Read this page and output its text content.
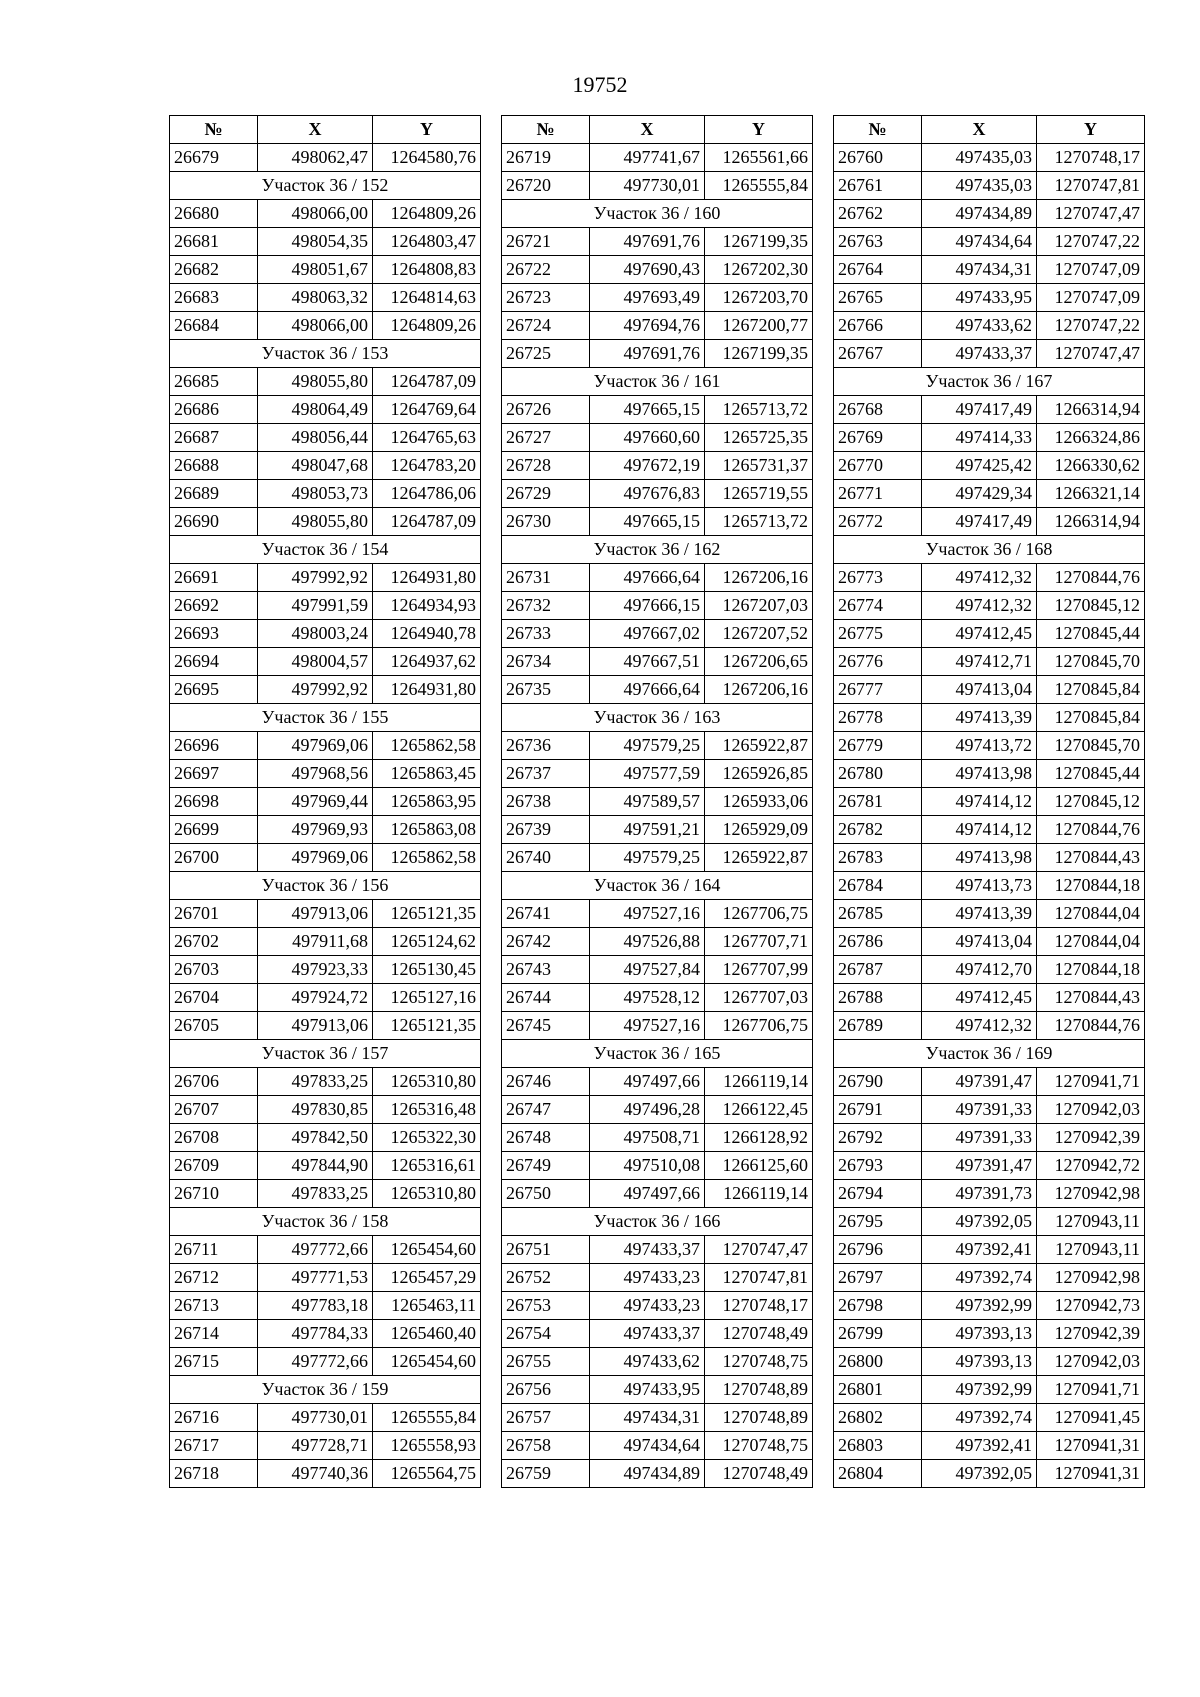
19752
№	X	Y
26679	498062,47	1264580,76
Участок 36 / 152		
26680	498066,00	1264809,26
26681	498054,35	1264803,47
26682	498051,67	1264808,83
26683	498063,32	1264814,63
26684	498066,00	1264809,26
Участок 36 / 153		
26685	498055,80	1264787,09
26686	498064,49	1264769,64
26687	498056,44	1264765,63
26688	498047,68	1264783,20
26689	498053,73	1264786,06
26690	498055,80	1264787,09
Участок 36 / 154		
26691	497992,92	1264931,80
26692	497991,59	1264934,93
26693	498003,24	1264940,78
26694	498004,57	1264937,62
26695	497992,92	1264931,80
Участок 36 / 155		
26696	497969,06	1265862,58
26697	497968,56	1265863,45
26698	497969,44	1265863,95
26699	497969,93	1265863,08
26700	497969,06	1265862,58
Участок 36 / 156		
26701	497913,06	1265121,35
26702	497911,68	1265124,62
26703	497923,33	1265130,45
26704	497924,72	1265127,16
26705	497913,06	1265121,35
Участок 36 / 157		
26706	497833,25	1265310,80
26707	497830,85	1265316,48
26708	497842,50	1265322,30
26709	497844,90	1265316,61
26710	497833,25	1265310,80
Участок 36 / 158		
26711	497772,66	1265454,60
26712	497771,53	1265457,29
26713	497783,18	1265463,11
26714	497784,33	1265460,40
26715	497772,66	1265454,60
Участок 36 / 159		
26716	497730,01	1265555,84
26717	497728,71	1265558,93
26718	497740,36	1265564,75
№	X	Y
26719	497741,67	1265561,66
26720	497730,01	1265555,84
Участок 36 / 160		
26721	497691,76	1267199,35
26722	497690,43	1267202,30
26723	497693,49	1267203,70
26724	497694,76	1267200,77
26725	497691,76	1267199,35
Участок 36 / 161		
26726	497665,15	1265713,72
26727	497660,60	1265725,35
26728	497672,19	1265731,37
26729	497676,83	1265719,55
26730	497665,15	1265713,72
Участок 36 / 162		
26731	497666,64	1267206,16
26732	497666,15	1267207,03
26733	497667,02	1267207,52
26734	497667,51	1267206,65
26735	497666,64	1267206,16
Участок 36 / 163		
26736	497579,25	1265922,87
26737	497577,59	1265926,85
26738	497589,57	1265933,06
26739	497591,21	1265929,09
26740	497579,25	1265922,87
Участок 36 / 164		
26741	497527,16	1267706,75
26742	497526,88	1267707,71
26743	497527,84	1267707,99
26744	497528,12	1267707,03
26745	497527,16	1267706,75
Участок 36 / 165		
26746	497497,66	1266119,14
26747	497496,28	1266122,45
26748	497508,71	1266128,92
26749	497510,08	1266125,60
26750	497497,66	1266119,14
Участок 36 / 166		
26751	497433,37	1270747,47
26752	497433,23	1270747,81
26753	497433,23	1270748,17
26754	497433,37	1270748,49
26755	497433,62	1270748,75
26756	497433,95	1270748,89
26757	497434,31	1270748,89
26758	497434,64	1270748,75
26759	497434,89	1270748,49
№	X	Y
26760	497435,03	1270748,17
26761	497435,03	1270747,81
26762	497434,89	1270747,47
26763	497434,64	1270747,22
26764	497434,31	1270747,09
26765	497433,95	1270747,09
26766	497433,62	1270747,22
26767	497433,37	1270747,47
Участок 36 / 167		
26768	497417,49	1266314,94
26769	497414,33	1266324,86
26770	497425,42	1266330,62
26771	497429,34	1266321,14
26772	497417,49	1266314,94
Участок 36 / 168		
26773	497412,32	1270844,76
26774	497412,32	1270845,12
26775	497412,45	1270845,44
26776	497412,71	1270845,70
26777	497413,04	1270845,84
26778	497413,39	1270845,84
26779	497413,72	1270845,70
26780	497413,98	1270845,44
26781	497414,12	1270845,12
26782	497414,12	1270844,76
26783	497413,98	1270844,43
26784	497413,73	1270844,18
26785	497413,39	1270844,04
26786	497413,04	1270844,04
26787	497412,70	1270844,18
26788	497412,45	1270844,43
26789	497412,32	1270844,76
Участок 36 / 169		
26790	497391,47	1270941,71
26791	497391,33	1270942,03
26792	497391,33	1270942,39
26793	497391,47	1270942,72
26794	497391,73	1270942,98
26795	497392,05	1270943,11
26796	497392,41	1270943,11
26797	497392,74	1270942,98
26798	497392,99	1270942,73
26799	497393,13	1270942,39
26800	497393,13	1270942,03
26801	497392,99	1270941,71
26802	497392,74	1270941,45
26803	497392,41	1270941,31
26804	497392,05	1270941,31
